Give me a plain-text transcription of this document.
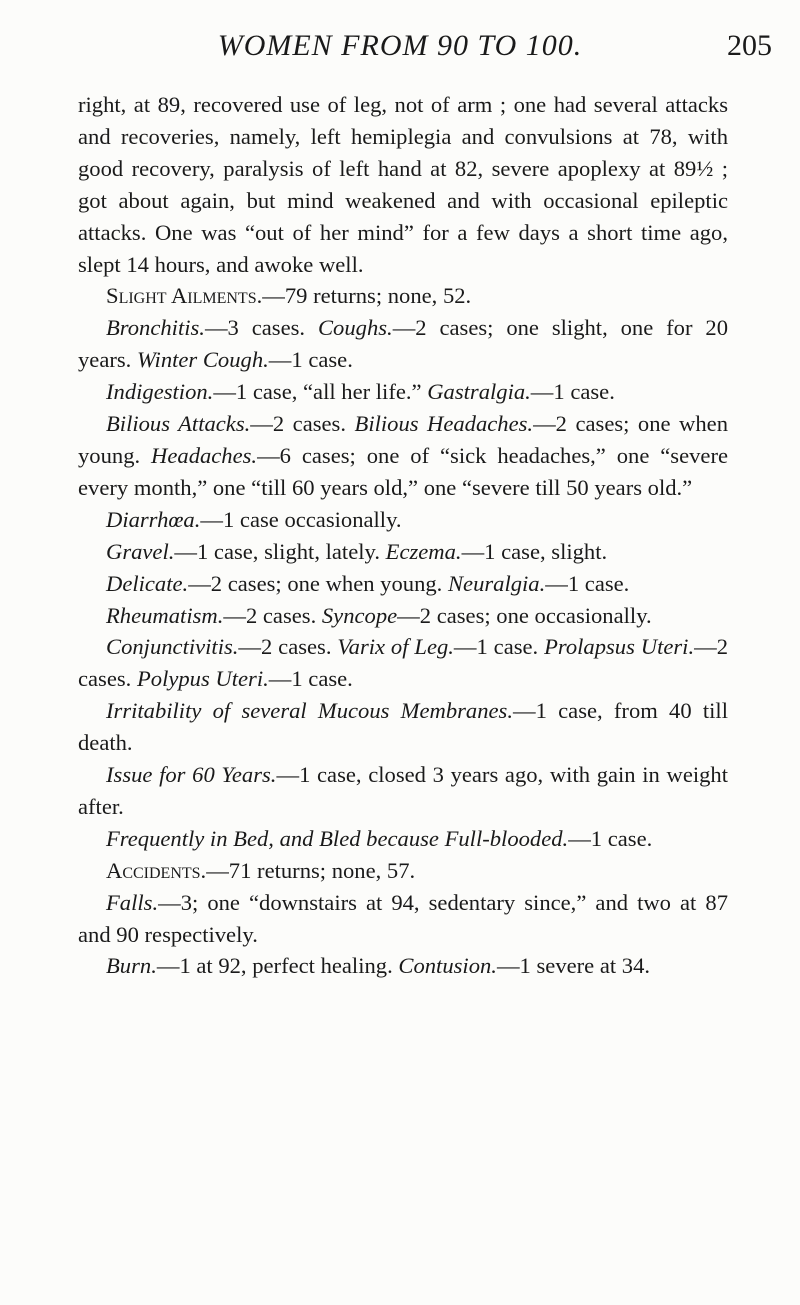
WOMEN FROM 90 TO 100.	205

right, at 89, recovered use of leg, not of arm ; one had several attacks and recoveries, namely, left hemiplegia and convulsions at 78, with good recovery, paralysis of left hand at 82, severe apoplexy at 89½ ; got about again, but mind weakened and with occasional epileptic attacks. One was “out of her mind” for a few days a short time ago, slept 14 hours, and awoke well.

Slight Ailments.—79 returns; none, 52.

Bronchitis.—3 cases. Coughs.—2 cases; one slight, one for 20 years. Winter Cough.—1 case.

Indigestion.—1 case, “all her life.” Gastralgia.—1 case.

Bilious Attacks.—2 cases. Bilious Headaches.—2 cases; one when young. Headaches.—6 cases; one of “sick headaches,” one “severe every month,” one “till 60 years old,” one “severe till 50 years old.”

Diarrhœa.—1 case occasionally.

Gravel.—1 case, slight, lately. Eczema.—1 case, slight.

Delicate.—2 cases; one when young. Neuralgia.—1 case.

Rheumatism.—2 cases. Syncope—2 cases; one occasionally.

Conjunctivitis.—2 cases. Varix of Leg.—1 case. Prolapsus Uteri.—2 cases. Polypus Uteri.—1 case.

Irritability of several Mucous Membranes.—1 case, from 40 till death.

Issue for 60 Years.—1 case, closed 3 years ago, with gain in weight after.

Frequently in Bed, and Bled because Full-blooded.—1 case.

Accidents.—71 returns; none, 57.

Falls.—3; one “downstairs at 94, sedentary since,” and two at 87 and 90 respectively.

Burn.—1 at 92, perfect healing. Contusion.—1 severe at 34.
